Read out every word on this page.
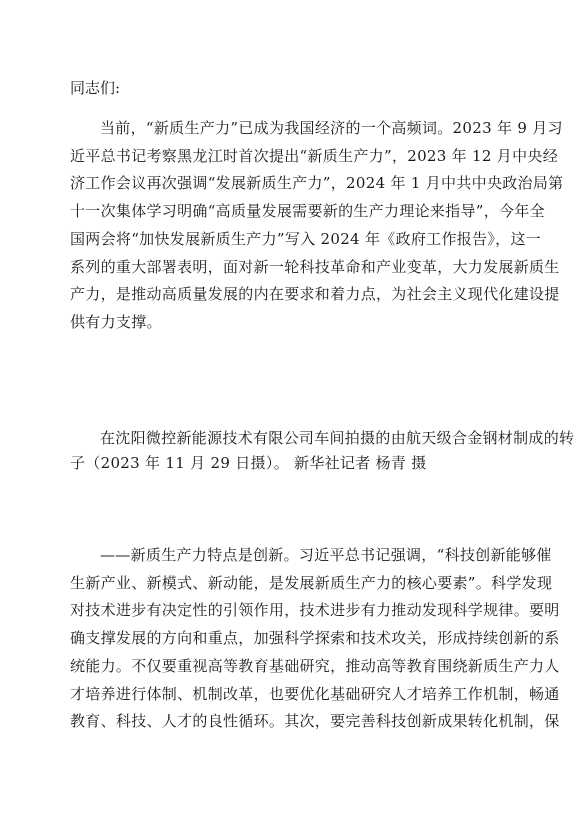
同志们:
当前，“新质生产力”已成为我国经济的一个高频词。2023 年 9 月习
近平总书记考察黑龙江时首次提出“新质生产力”，2023 年 12 月中央经
济工作会议再次强调“发展新质生产力”，2024 年 1 月中共中央政治局第
十一次集体学习明确“高质量发展需要新的生产力理论来指导”，今年全
国两会将“加快发展新质生产力”写入 2024 年《政府工作报告》，这一
系列的重大部署表明，面对新一轮科技革命和产业变革，大力发展新质生
产力，是推动高质量发展的内在要求和着力点，为社会主义现代化建设提
供有力支撑。
在沈阳微控新能源技术有限公司车间拍摄的由航天级合金钢材制成的转
子（2023 年 11 月 29 日摄）。 新华社记者 杨青 摄
——新质生产力特点是创新。习近平总书记强调，“科技创新能够催
生新产业、新模式、新动能，是发展新质生产力的核心要素”。科学发现
对技术进步有决定性的引领作用，技术进步有力推动发现科学规律。要明
确支撑发展的方向和重点，加强科学探索和技术攻关，形成持续创新的系
统能力。不仅要重视高等教育基础研究，推动高等教育围绕新质生产力人
才培养进行体制、机制改革，也要优化基础研究人才培养工作机制，畅通
教育、科技、人才的良性循环。其次，要完善科技创新成果转化机制，保
